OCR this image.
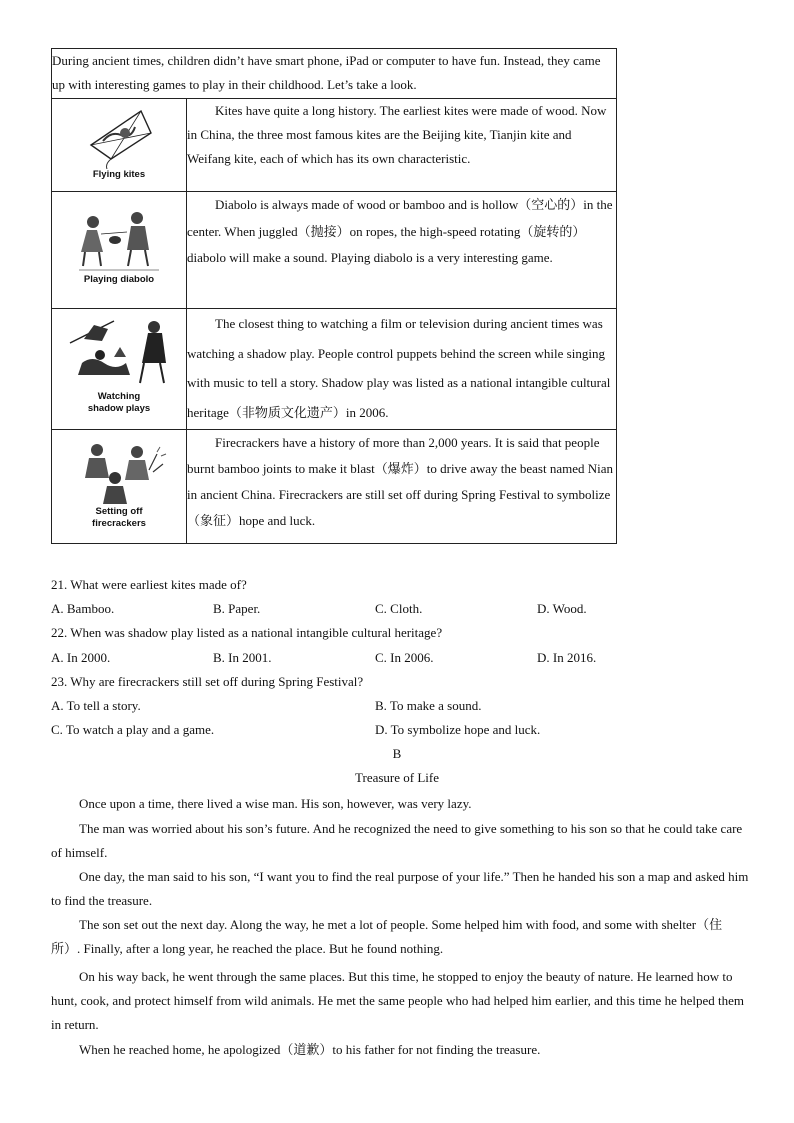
During ancient times, children didn’t have smart phone, iPad or computer to have fun. Instead, they came up with interesting games to play in their childhood. Let’s take a look.	

Flying kites	Kites have quite a long history. The earliest kites were made of wood. Now in China, the three most famous kites are the Beijing kite, Tianjin kite and Weifang kite, each of which has its own characteristic.

Playing diabolo	Diabolo is always made of wood or bamboo and is hollow（空心的）in the center. When juggled（抛接）on ropes, the high-speed rotating（旋转的）diabolo will make a sound. Playing diabolo is a very interesting game.

Watching shadow plays	The closest thing to watching a film or television during ancient times was watching a shadow play. People control puppets behind the screen while singing with music to tell a story. Shadow play was listed as a national intangible cultural heritage（非物质文化遗产）in 2006.

Setting off firecrackers	Firecrackers have a history of more than 2,000 years. It is said that people burnt bamboo joints to make it blast（爆炸）to drive away the beast named Nian in ancient China. Firecrackers are still set off during Spring Festival to symbolize（象征）hope and luck.
21. What were earliest kites made of?
A. Bamboo.	B. Paper.	C. Cloth.	D. Wood.
22. When was shadow play listed as a national intangible cultural heritage?
A. In 2000.	B. In 2001.	C. In 2006.	D. In 2016.
23. Why are firecrackers still set off during Spring Festival?
A. To tell a story.	B. To make a sound.
C. To watch a play and a game.	D. To symbolize hope and luck.
B
Treasure of Life
Once upon a time, there lived a wise man. His son, however, was very lazy.
The man was worried about his son’s future. And he recognized the need to give something to his son so that he could take care of himself.
One day, the man said to his son, “I want you to find the real purpose of your life.” Then he handed his son a map and asked him to find the treasure.
The son set out the next day. Along the way, he met a lot of people. Some helped him with food, and some with shelter（住所）. Finally, after a long year, he reached the place. But he found nothing.
On his way back, he went through the same places. But this time, he stopped to enjoy the beauty of nature. He learned how to hunt, cook, and protect himself from wild animals. He met the same people who had helped him earlier, and this time he helped them in return.
When he reached home, he apologized（道歉）to his father for not finding the treasure.
